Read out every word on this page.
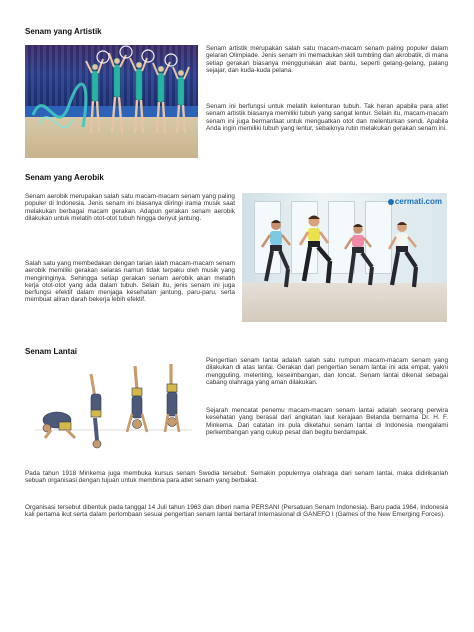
Senam yang Artistik

Senam artistik merupakan salah satu macam-macam senam paling populer dalam gelaran Olimpiade. Jenis senam ini memadukan skill tumbling dan akrobatik, di mana setiap gerakan biasanya menggunakan alat bantu, seperti gelang-gelang, palang sejajar, dan kuda-kuda pelana.

Senam ini berfungsi untuk melatih kelenturan tubuh. Tak heran apabila para atlet senam artistik biasanya memiliki tubuh yang sangat lentur. Selain itu, macam-macam senam ini juga bermanfaat untuk menguatkan otot dan melenturkan sendi. Apabila Anda ingin memiliki tubuh yang lentur, sebaiknya rutin melakukan gerakan senam ini.

Senam yang Aerobik

Senam aerobik merupakan salah satu macam-macam senam yang paling populer di Indonesia. Jenis senam ini biasanya diiringi irama musik saat melakukan berbagai macam gerakan. Adapun gerakan senam aerobik dilakukan untuk melatih otot-otot tubuh hingga denyut jantung.

Salah satu yang membedakan dengan tarian ialah macam-macam senam aerobik memiliki gerakan selaras namun tidak terpaku oleh musik yang mengiringinya. Sehingga setiap gerakan senam aerobik akan melatih kerja otot-otot yang ada dalam tubuh. Selain itu, jenis senam ini juga berfungsi efektif dalam menjaga kesehatan jantung, paru-paru, serta membuat aliran darah bekerja lebih efektif.

cermati.com
Senam Lantai

Pengertian senam lantai adalah salah satu rumpun macam-macam senam yang dilakukan di atas lantai. Gerakan dari pengertian senam lantai ini ada empat, yakni mengguling, melenting, keseimbangan, dan loncat. Senam lantai dikenal sebagai cabang olahraga yang aman dilakukan.

Sejarah mencatat penemu macam-macam senam lantai adalah seorang perwira kesehatan yang berasal dari angkatan laut kerajaan Belanda bernama Dr. H. F. Minkema. Dari catatan ini pula diketahui senam lantai di Indonesia mengalami perkembangan yang cukup pesat dan begitu berdampak.

Pada tahun 1918 Minkema juga membuka kursus senam Swedia tersebut. Semakin populernya olahraga dari senam lantai, maka didirikanlah sebuah organisasi dengan tujuan untuk membina para atlet senam yang berbakat.

Organisasi tersebut dibentuk pada tanggal 14 Juli tahun 1963 dan diberi nama PERSANI (Persatuan Senam Indonesia). Baru pada 1964, Indonesia kali pertama ikut serta dalam perlombaan sesuai pengertian senam lantai bertaraf Internasional di GANEFO I (Games of the New Emerging Forces).
